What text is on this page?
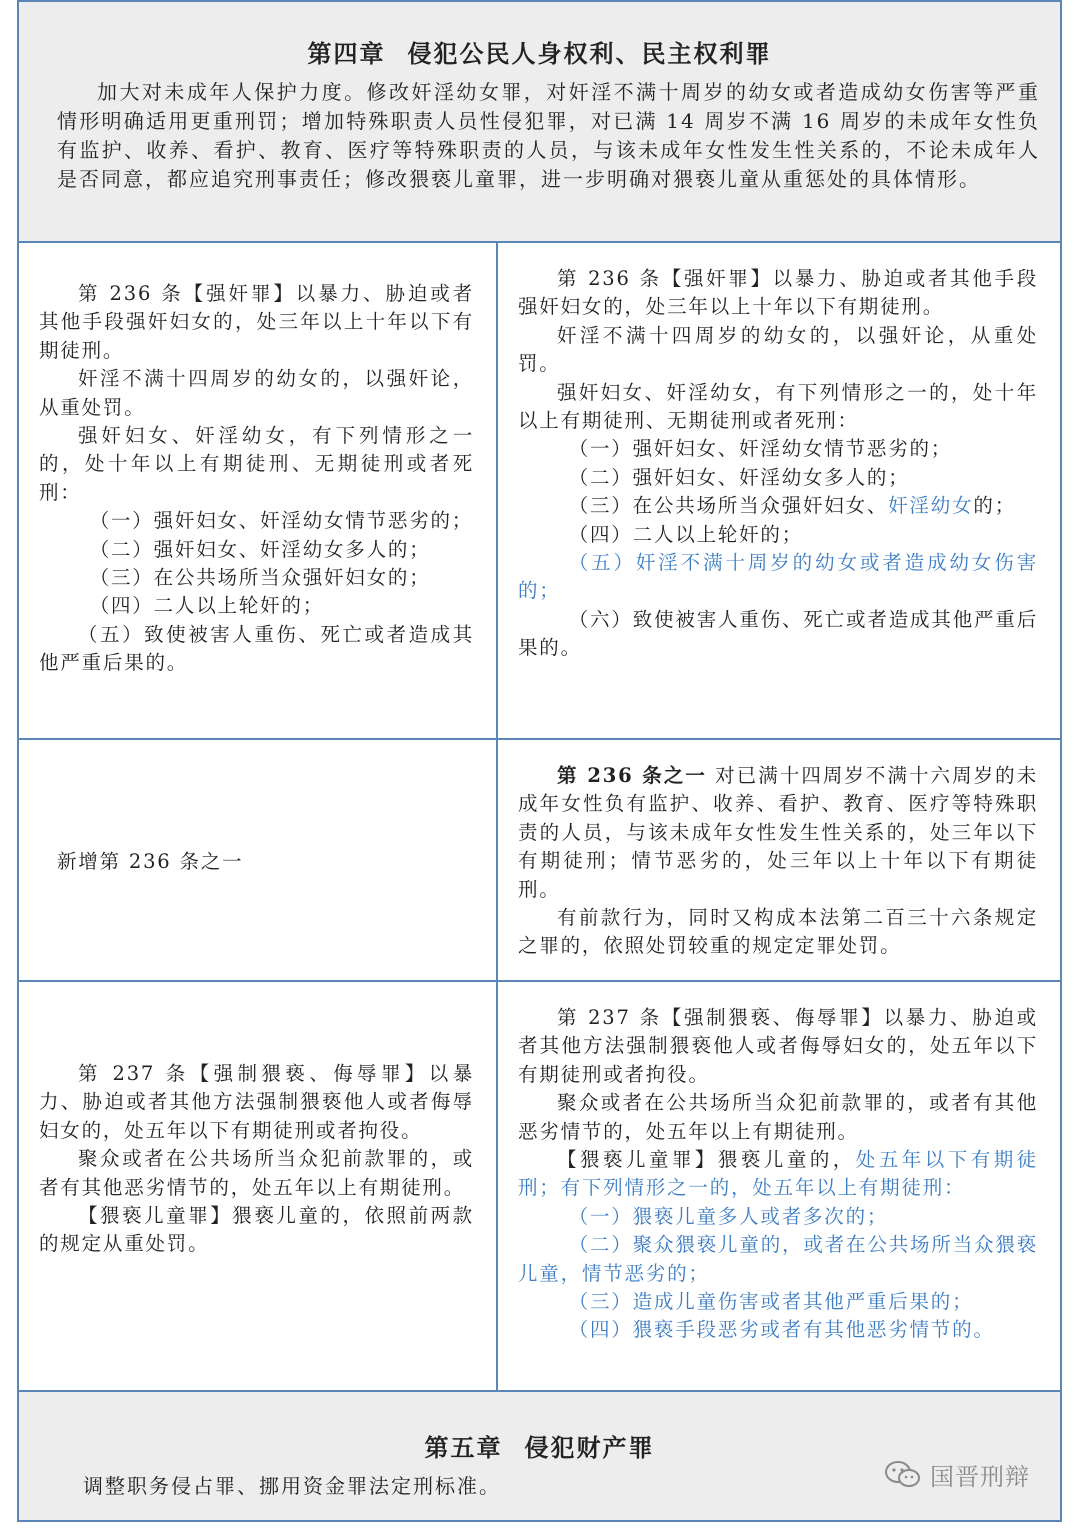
第四章 侵犯公民人身权利、民主权利罪
加大对未成年人保护力度。修改奸淫幼女罪，对奸淫不满十周岁的幼女或者造成幼女伤害等严重情形明确适用更重刑罚；增加特殊职责人员性侵犯罪，对已满 14 周岁不满 16 周岁的未成年女性负有监护、收养、看护、教育、医疗等特殊职责的人员，与该未成年女性发生性关系的，不论未成年人是否同意，都应追究刑事责任；修改猥亵儿童罪，进一步明确对猥亵儿童从重惩处的具体情形。

第 236 条【强奸罪】以暴力、胁迫或者其他手段强奸妇女的，处三年以上十年以下有期徒刑。

奸淫不满十四周岁的幼女的，以强奸论，从重处罚。

强奸妇女、奸淫幼女，有下列情形之一的，处十年以上有期徒刑、无期徒刑或者死刑：

（一）强奸妇女、奸淫幼女情节恶劣的；

（二）强奸妇女、奸淫幼女多人的；

（三）在公共场所当众强奸妇女的；

（四）二人以上轮奸的；

（五）致使被害人重伤、死亡或者造成其他严重后果的。

第 236 条【强奸罪】以暴力、胁迫或者其他手段强奸妇女的，处三年以上十年以下有期徒刑。

奸淫不满十四周岁的幼女的，以强奸论，从重处罚。

强奸妇女、奸淫幼女，有下列情形之一的，处十年以上有期徒刑、无期徒刑或者死刑：

（一）强奸妇女、奸淫幼女情节恶劣的；

（二）强奸妇女、奸淫幼女多人的；

（三）在公共场所当众强奸妇女、奸淫幼女的；

（四）二人以上轮奸的；

（五）奸淫不满十周岁的幼女或者造成幼女伤害的；

（六）致使被害人重伤、死亡或者造成其他严重后果的。

新增第 236 条之一

第 236 条之一 对已满十四周岁不满十六周岁的未成年女性负有监护、收养、看护、教育、医疗等特殊职责的人员，与该未成年女性发生性关系的，处三年以下有期徒刑；情节恶劣的，处三年以上十年以下有期徒刑。

有前款行为，同时又构成本法第二百三十六条规定之罪的，依照处罚较重的规定定罪处罚。

第 237 条【强制猥亵、侮辱罪】以暴力、胁迫或者其他方法强制猥亵他人或者侮辱妇女的，处五年以下有期徒刑或者拘役。

聚众或者在公共场所当众犯前款罪的，或者有其他恶劣情节的，处五年以上有期徒刑。

【猥亵儿童罪】猥亵儿童的，依照前两款的规定从重处罚。

第 237 条【强制猥亵、侮辱罪】以暴力、胁迫或者其他方法强制猥亵他人或者侮辱妇女的，处五年以下有期徒刑或者拘役。

聚众或者在公共场所当众犯前款罪的，或者有其他恶劣情节的，处五年以上有期徒刑。

【猥亵儿童罪】猥亵儿童的，处五年以下有期徒刑；有下列情形之一的，处五年以上有期徒刑：

（一）猥亵儿童多人或者多次的；

（二）聚众猥亵儿童的，或者在公共场所当众猥亵儿童，情节恶劣的；

（三）造成儿童伤害或者其他严重后果的；

（四）猥亵手段恶劣或者有其他恶劣情节的。

第五章 侵犯财产罪
调整职务侵占罪、挪用资金罪法定刑标准。	国晋刑辩
